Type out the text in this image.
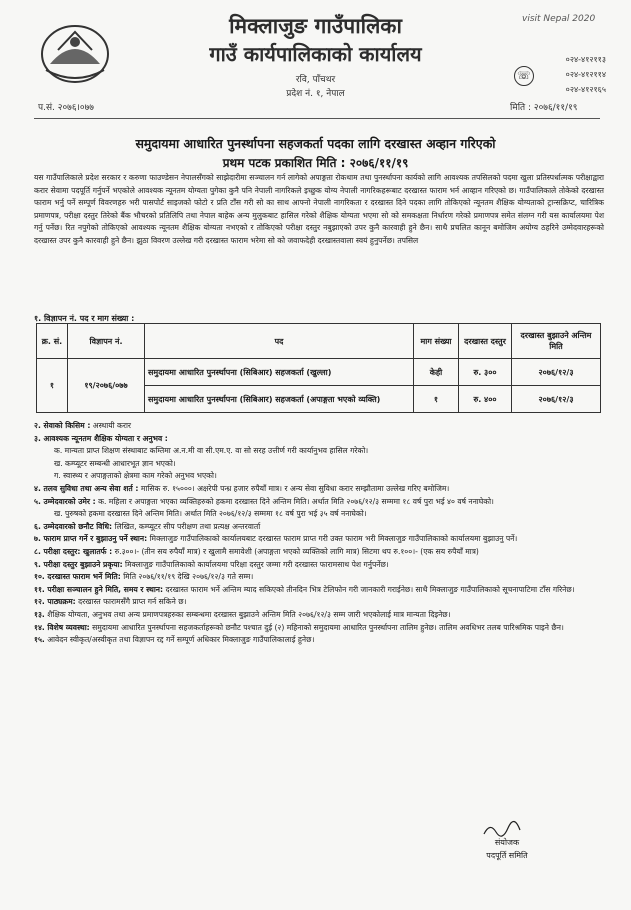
मिक्लाजुङ गाउँपालिका
गाउँ कार्यपालिकाको कार्यालय
रवि, पाँचथर
प्रदेश नं. १, नेपाल
visit Nepal 2020
☏
०२४-४१२११३
०२४-४१२११४
०२४-४१२१६५
प.सं. २०७६।०७७	मिति : २०७६/११/१९
समुदायमा आधारित पुनर्स्थापना सहजकर्ता पदका लागि दरखास्त अव्हान गरिएको
प्रथम पटक प्रकाशित मिति : २०७६/११/१९
यस गाउँपालिकाले प्रदेश सरकार र करुणा फाउण्डेसन नेपालसँगको साझेदारीमा सञ्चालन गर्न लागेको अपाङ्गता रोकथाम तथा पुनर्स्थापना कार्यको लागि आवश्यक तपसिलको पदमा खुला प्रतिस्पर्धात्मक परीक्षाद्वारा करार सेवामा पदपूर्ति गर्नुपर्ने भएकोले आवश्यक न्यूनतम योग्यता पुगेका कुनै पनि नेपाली नागरिकले इच्छुक योग्य नेपाली नागरिकहरूबाट दरखास्त फाराम भर्न आव्हान गरिएको छ। गाउँपालिकाले तोकेको दरखास्त फाराम भर्नु पर्ने सम्पूर्ण विवरणहरु भरी पासपोर्ट साइजको फोटो र प्रति टाँस गरी सो का साथ आफ्नो नेपाली नागरिकता र दरखास्त दिने पदका लागि तोकिएको न्यूनतम शैक्षिक योग्यताको ट्रान्सक्रिप्ट, चारित्रिक प्रमाणपत्र, परीक्षा दस्तुर तिरेको बैंक भौचरको प्रतिलिपि तथा नेपाल बाहेक अन्य मुलुकबाट हासिल गरेको शैक्षिक योग्यता भएमा सो को समकक्षता निर्धारण गरेको प्रमाणपत्र समेत संलग्न गरी यस कार्यालयमा पेश गर्नु पर्नेछ। रित नपुगेको तोकिएको आवश्यक न्यूनतम शैक्षिक योग्यता नभएको र तोकिएको परीक्षा दस्तुर नबुझाएको उपर कुनै कारवाही हुने छैन। साथै प्रचलित कानून बमोजिम अयोग्य ठहरिने उम्मेदवारहरूको दरखास्त उपर कुनै कारवाही हुने छैन। झुठा विवरण उल्लेख गरी दरखास्त फाराम भरेमा सो को जवाफदेही दरखास्तवाला स्वयं हुनुपर्नेछ। तपसिल
१. विज्ञापन नं. पद र माग संख्या :
क्र. सं.	विज्ञापन नं.	पद	माग संख्या	दरखास्त दस्तुर	दरखास्त बुझाउने अन्तिम मिति
१	१९/२०७६/०७७	समुदायमा आधारित पुनर्स्थापना (सिबिआर) सहजकर्ता (खुल्ला)	केही	रु. ३००	२०७६/१२/३
		समुदायमा आधारित पुनर्स्थापना (सिबिआर) सहजकर्ता (अपाङ्गता भएको व्यक्ति)	१	रु. ४००	२०७६/१२/३
२. सेवाको किसिम : अस्थायी करार
३. आवश्यक न्यूनतम शैक्षिक योग्यता र अनुभव :
क. मान्यता प्राप्त शिक्षण संस्थाबाट कम्तिमा अ.न.मी वा सी.एम.ए. वा सो सरह उत्तीर्ण गरी कार्यानुभव हासिल गरेको।
ख. कम्प्यूटर सम्बन्धी आधारभूत ज्ञान भएको।
ग. स्वास्थ्य र अपाङ्गताको क्षेत्रमा काम गरेको अनुभव भएको।
४. तलव सुविधा तथा अन्य सेवा शर्त : मासिक रु. १५०००। अक्षरेपी पन्ध्र हजार रुपैयाँ मात्र। र अन्य सेवा सुविधा करार सम्झौतामा उल्लेख गरिए बमोजिम।
५. उम्मेदवारको उमेर : क. महिला र अपाङ्गता भएका व्यक्तिहरुको हकमा दरखास्त दिने अन्तिम मिति। अर्थात मिति २०७६/१२/३ सम्ममा १८ वर्ष पुरा भई ४० वर्ष ननाघेको।
ख. पुरुषको हकमा दरखास्त दिने अन्तिम मिति। अर्थात मिति २०७६/१२/३ सम्ममा १८ वर्ष पुरा भई ३५ वर्ष ननाघेको।
६. उम्मेदवारको छनौट विधि: लिखित, कम्प्यूटर सीप परीक्षण तथा प्रत्यक्ष अन्तरवार्ता
७. फाराम प्राप्त गर्ने र बुझाउनु पर्ने स्थान: मिक्लाजुङ गाउँपालिकाको कार्यालयबाट दरखास्त फाराम प्राप्त गरी उक्त फाराम भरी मिक्लाजुङ गाउँपालिकाको कार्यालयमा बुझाउनु पर्ने।
८. परीक्षा दस्तुर: खुलातर्फ : रु.३००।- (तीन सय रुपैयाँ मात्र) र खुलामै समावेशी (अपाङ्गता भएको व्यक्तिको लागि मात्र) सिटमा थप रु.१००।- (एक सय रुपैयाँ मात्र)
९. परीक्षा दस्तुर बुझाउने प्रकृया: मिक्लाजुङ गाउँपालिकाको कार्यालयमा परिक्षा दस्तुर जम्मा गरी दरखास्त फारामसाथ पेश गर्नुपर्नेछ।
१०. दरखास्त फाराम भर्ने मिति: मिति २०७६/११/१९ देखि २०७६/१२/३ गते सम्म।
११. परीक्षा सञ्चालन हुने मिति, समय र स्थान: दरखास्त फाराम भर्ने अन्तिम म्याद सकिएको तीनदिन भित्र टेलिफोन गरी जानकारी गराईनेछ। साथै मिक्लाजुङ गाउँपालिकाको सूचनापाटिमा टाँस गरिनेछ।
१२. पाठ्यक्रम: दरखास्त फारामसँगै प्राप्त गर्न सकिने छ।
१३. शैक्षिक योग्यता, अनुभव तथा अन्य प्रमाणपत्रहरुका सम्बन्धमा दरखास्त बुझाउने अन्तिम मिति २०७६/१२/३ सम्म जारी भएकोलाई मात्र मान्यता दिइनेछ।
१४. विशेष व्यवस्था: समुदायमा आधारित पुनर्स्थापना सहजकर्ताहरूको छनौट पश्चात दुई (२) महिनाको समुदायमा आधारित पुनर्स्थापना तालिम हुनेछ। तालिम अवधिभर तलब पारिश्रमिक पाइने छैन।
१५. आवेदन स्वीकृत/अस्वीकृत तथा विज्ञापन रद्द गर्ने सम्पूर्ण अधिकार मिक्लाजुङ गाउँपालिकालाई हुनेछ।
संयोजक
पदपूर्ति समिति
